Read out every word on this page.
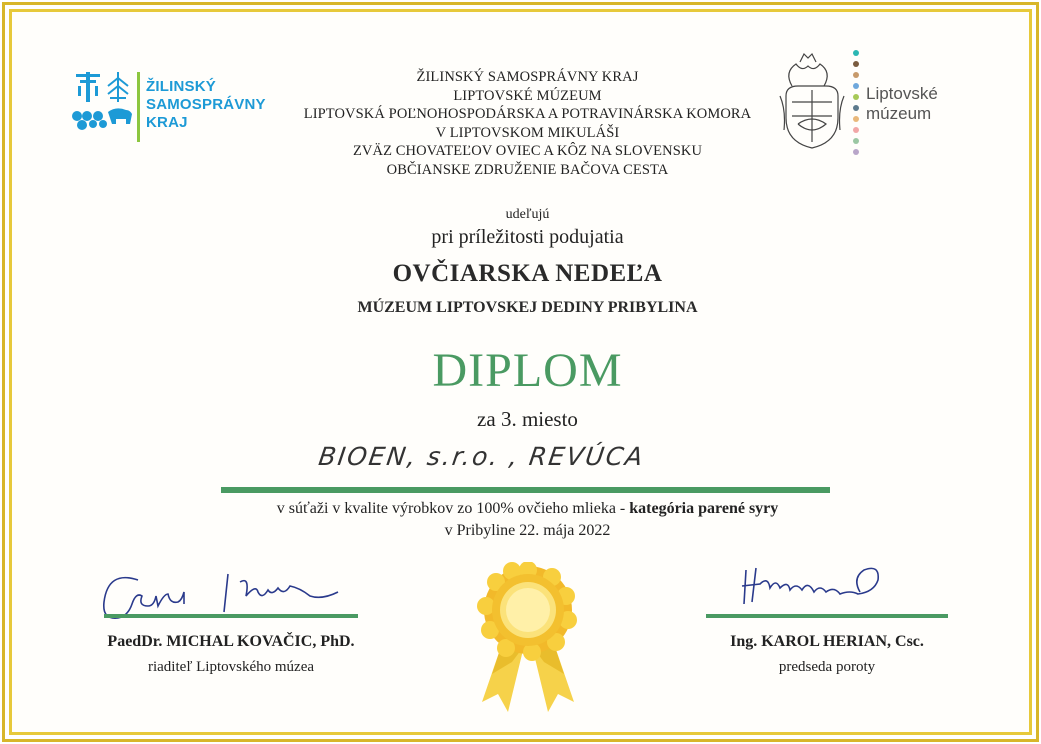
ŽILINSKÝ
SAMOSPRÁVNY
KRAJ
Liptovské
múzeum
ŽILINSKÝ SAMOSPRÁVNY KRAJ
LIPTOVSKÉ MÚZEUM
LIPTOVSKÁ POĽNOHOSPODÁRSKA A POTRAVINÁRSKA KOMORA
V LIPTOVSKOM MIKULÁŠI
ZVÄZ CHOVATEĽOV OVIEC A KÔZ NA SLOVENSKU
OBČIANSKE ZDRUŽENIE BAČOVA CESTA
udeľujú
pri príležitosti podujatia
OVČIARSKA NEDEĽA
MÚZEUM LIPTOVSKEJ DEDINY PRIBYLINA
DIPLOM
za 3. miesto
BIOEN, s.r.o. , REVÚCA
v súťaži v kvalite výrobkov zo 100% ovčieho mlieka - kategória parené syry
v Pribyline 22. mája 2022
PaedDr. MICHAL KOVAČIC, PhD.
riaditeľ Liptovského múzea
Ing. KAROL HERIAN, Csc.
predseda poroty
